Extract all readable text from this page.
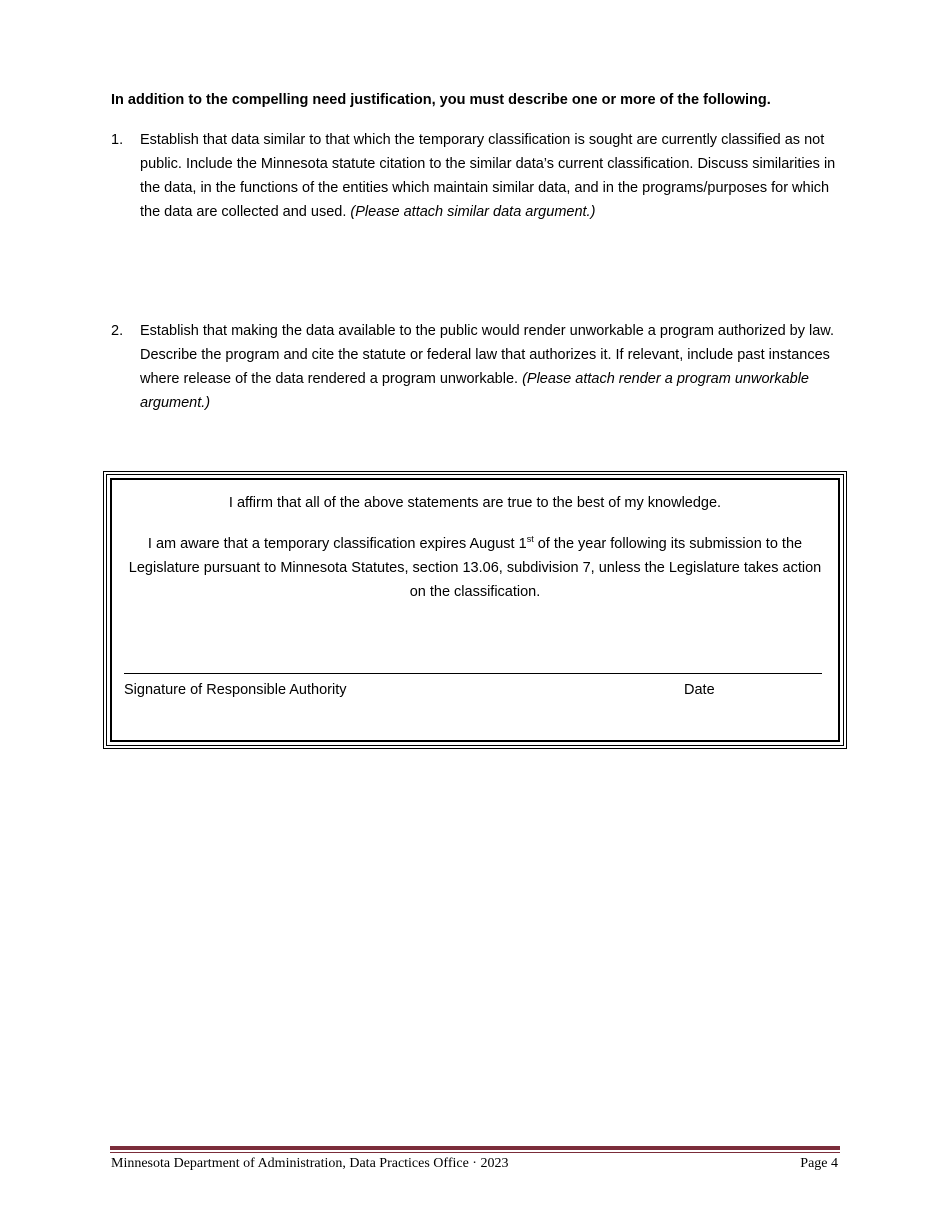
In addition to the compelling need justification, you must describe one or more of the following.
1.	Establish that data similar to that which the temporary classification is sought are currently classified as not public. Include the Minnesota statute citation to the similar data’s current classification. Discuss similarities in the data, in the functions of the entities which maintain similar data, and in the programs/purposes for which the data are collected and used. (Please attach similar data argument.)
2.	Establish that making the data available to the public would render unworkable a program authorized by law. Describe the program and cite the statute or federal law that authorizes it. If relevant, include past instances where release of the data rendered a program unworkable. (Please attach render a program unworkable argument.)
I affirm that all of the above statements are true to the best of my knowledge.
I am aware that a temporary classification expires August 1st of the year following its submission to the Legislature pursuant to Minnesota Statutes, section 13.06, subdivision 7, unless the Legislature takes action on the classification.
Signature of Responsible Authority	Date
Minnesota Department of Administration, Data Practices Office · 2023	Page 4
